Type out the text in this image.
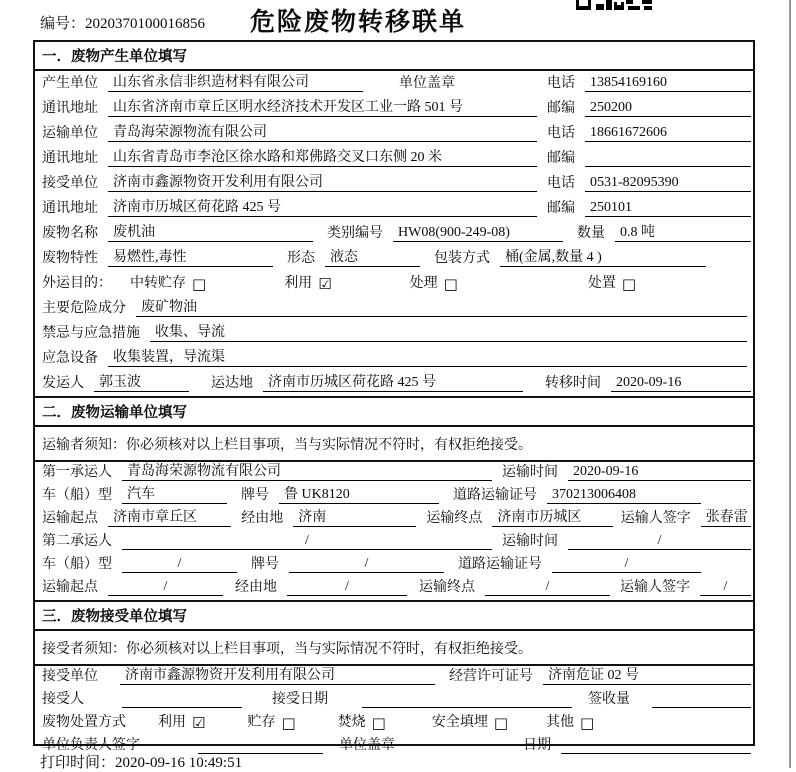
编号：2020370100016856	危险废物转移联单
一．废物产生单位填写
产生单位	山东省永信非织造材料有限公司	单位盖章	电话	13854169160
通讯地址	山东省济南市章丘区明水经济技术开发区工业一路 501 号	邮编	250200
运输单位	青岛海荣源物流有限公司	电话	18661672606
通讯地址	山东省青岛市李沧区徐水路和郑佛路交叉口东侧 20 米	邮编
接受单位	济南市鑫源物资开发利用有限公司	电话	0531-82095390
通讯地址	济南市历城区荷花路 425 号	邮编	250101
废物名称	废机油	类别编号	HW08(900-249-08)	数量	0.8 吨
废物特性	易燃性,毒性	形态	液态	包装方式	桶(金属,数量 4 )
外运目的： 中转贮存 □	利用 ☑	处理 □	处置 □
主要危险成分	废矿物油
禁忌与应急措施	收集、导流
应急设备	收集装置，导流渠
发运人	郭玉波	运达地	济南市历城区荷花路 425 号	转移时间	2020-09-16
二．废物运输单位填写
运输者须知：你必须核对以上栏目事项，当与实际情况不符时，有权拒绝接受。
第一承运人	青岛海荣源物流有限公司	运输时间	2020-09-16
车（船）型	汽车	牌号	鲁 UK8120	道路运输证号	370213006408
运输起点	济南市章丘区	经由地	济南	运输终点	济南市历城区	运输人签字	张春雷
第二承运人	/	运输时间	/
车（船）型	/	牌号	/	道路运输证号	/
运输起点	/	经由地	/	运输终点	/	运输人签字	/
三．废物接受单位填写
接受者须知：你必须核对以上栏目事项，当与实际情况不符时，有权拒绝接受。
接受单位	济南市鑫源物资开发利用有限公司	经营许可证号	济南危证 02 号
接受人	接受日期	签收量
废物处置方式 利用 ☑	贮存 □	焚烧 □	安全填埋 □	其他 □
单位负责人签字	单位盖章	日期
打印时间：2020-09-16 10:49:51
